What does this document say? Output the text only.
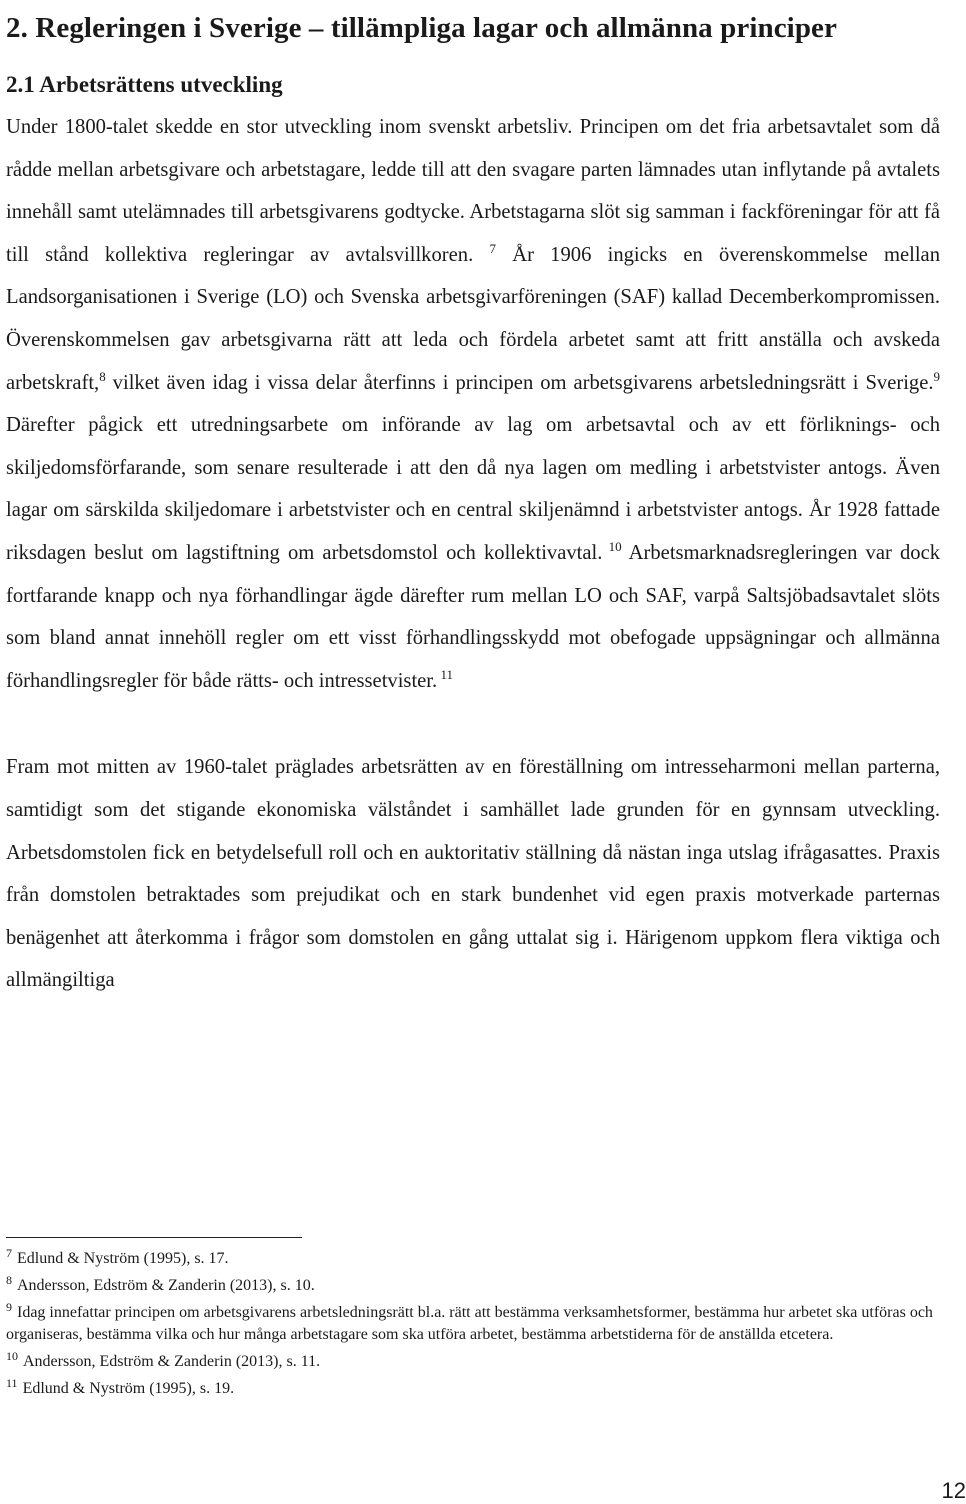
2. Regleringen i Sverige – tillämpliga lagar och allmänna principer
2.1 Arbetsrättens utveckling

Under 1800-talet skedde en stor utveckling inom svenskt arbetsliv. Principen om det fria arbetsavtalet som då rådde mellan arbetsgivare och arbetstagare, ledde till att den svagare parten lämnades utan inflytande på avtalets innehåll samt utelämnades till arbetsgivarens godtycke. Arbetstagarna slöt sig samman i fackföreningar för att få till stånd kollektiva regleringar av avtalsvillkoren. $^7$ År 1906 ingicks en överenskommelse mellan Landsorganisationen i Sverige (LO) och Svenska arbetsgivarföreningen (SAF) kallad Decemberkompromissen. Överenskommelsen gav arbetsgivarna rätt att leda och fördela arbetet samt att fritt anställa och avskeda arbetskraft,$^8$ vilket även idag i vissa delar återfinns i principen om arbetsgivarens arbetsledningsrätt i Sverige.$^9$ Därefter pågick ett utredningsarbete om införande av lag om arbetsavtal och av ett förliknings- och skiljedomsförfarande, som senare resulterade i att den då nya lagen om medling i arbetstvister antogs. Även lagar om särskilda skiljedomare i arbetstvister och en central skiljenämnd i arbetstvister antogs. År 1928 fattade riksdagen beslut om lagstiftning om arbetsdomstol och kollektivavtal. $^{10}$ Arbetsmarknadsregleringen var dock fortfarande knapp och nya förhandlingar ägde därefter rum mellan LO och SAF, varpå Saltsjöbadsavtalet slöts som bland annat innehöll regler om ett visst förhandlingsskydd mot obefogade uppsägningar och allmänna förhandlingsregler för både rätts- och intressetvister. $^{11}$

Fram mot mitten av 1960-talet präglades arbetsrätten av en föreställning om intresseharmoni mellan parterna, samtidigt som det stigande ekonomiska välståndet i samhället lade grunden för en gynnsam utveckling. Arbetsdomstolen fick en betydelsefull roll och en auktoritativ ställning då nästan inga utslag ifrågasattes. Praxis från domstolen betraktades som prejudikat och en stark bundenhet vid egen praxis motverkade parternas benägenhet att återkomma i frågor som domstolen en gång uttalat sig i. Härigenom uppkom flera viktiga och allmängiltiga

$^7$ Edlund & Nyström (1995), s. 17.

$^8$ Andersson, Edström & Zanderin (2013), s. 10.

$^9$ Idag innefattar principen om arbetsgivarens arbetsledningsrätt bl.a. rätt att bestämma verksamhetsformer, bestämma hur arbetet ska utföras och organiseras, bestämma vilka och hur många arbetstagare som ska utföra arbetet, bestämma arbetstiderna för de anställda etcetera.

$^{10}$ Andersson, Edström & Zanderin (2013), s. 11.

$^{11}$ Edlund & Nyström (1995), s. 19.

12
